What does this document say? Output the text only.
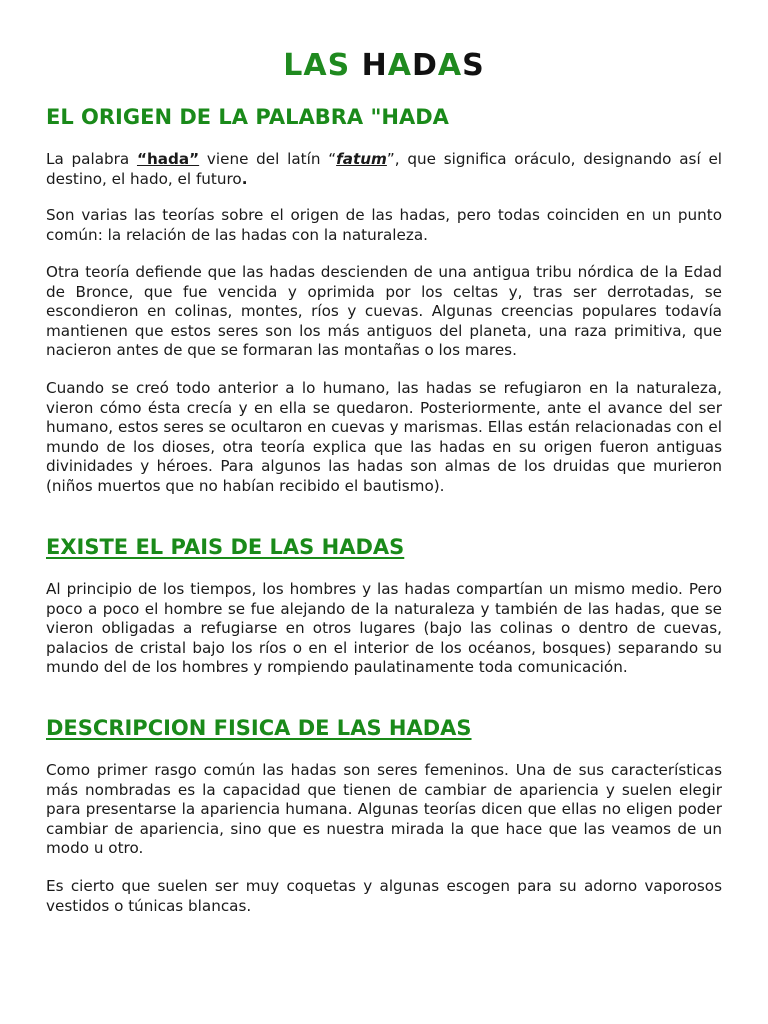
LAS HADAS
EL ORIGEN DE LA PALABRA "HADA

La palabra “hada” viene del latín “fatum”, que significa oráculo, designando así el destino, el hado, el futuro.

Son varias las teorías sobre el origen de las hadas, pero todas coinciden en un punto común: la relación de las hadas con la naturaleza.

Otra teoría defiende que las hadas descienden de una antigua tribu nórdica de la Edad de Bronce, que fue vencida y oprimida por los celtas y, tras ser derrotadas, se escondieron en colinas, montes, ríos y cuevas. Algunas creencias populares todavía mantienen que estos seres son los más antiguos del planeta, una raza primitiva, que nacieron antes de que se formaran las montañas o los mares.

Cuando se creó todo anterior a lo humano, las hadas se refugiaron en la naturaleza, vieron cómo ésta crecía y en ella se quedaron. Posteriormente, ante el avance del ser humano, estos seres se ocultaron en cuevas y marismas. Ellas están relacionadas con el mundo de los dioses, otra teoría explica que las hadas en su origen fueron antiguas divinidades y héroes. Para algunos las hadas son almas de los druidas que murieron (niños muertos que no habían recibido el bautismo).

EXISTE EL PAIS DE LAS HADAS

Al principio de los tiempos, los hombres y las hadas compartían un mismo medio. Pero poco a poco el hombre se fue alejando de la naturaleza y también de las hadas, que se vieron obligadas a refugiarse en otros lugares (bajo las colinas o dentro de cuevas, palacios de cristal bajo los ríos o en el interior de los océanos, bosques) separando su mundo del de los hombres y rompiendo paulatinamente toda comunicación.

DESCRIPCION FISICA DE LAS HADAS

Como primer rasgo común las hadas son seres femeninos. Una de sus características más nombradas es la capacidad que tienen de cambiar de apariencia y suelen elegir para presentarse la apariencia humana. Algunas teorías dicen que ellas no eligen poder cambiar de apariencia, sino que es nuestra mirada la que hace que las veamos de un modo u otro.

Es cierto que suelen ser muy coquetas y algunas escogen para su adorno vaporosos vestidos o túnicas blancas.
